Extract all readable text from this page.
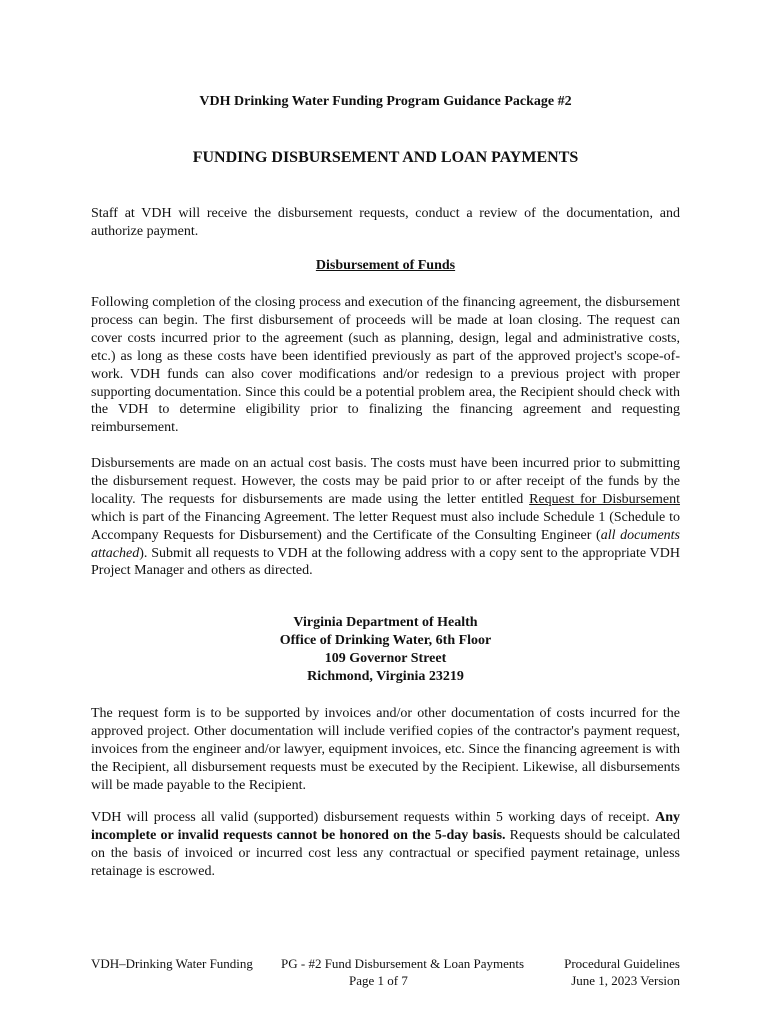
VDH Drinking Water Funding Program Guidance Package #2
FUNDING DISBURSEMENT AND LOAN PAYMENTS
Staff at VDH will receive the disbursement requests, conduct a review of the documentation, and authorize payment.
Disbursement of Funds
Following completion of the closing process and execution of the financing agreement, the disbursement process can begin. The first disbursement of proceeds will be made at loan closing. The request can cover costs incurred prior to the agreement (such as planning, design, legal and administrative costs, etc.) as long as these costs have been identified previously as part of the approved project's scope-of-work. VDH funds can also cover modifications and/or redesign to a previous project with proper supporting documentation. Since this could be a potential problem area, the Recipient should check with the VDH to determine eligibility prior to finalizing the financing agreement and requesting reimbursement.
Disbursements are made on an actual cost basis. The costs must have been incurred prior to submitting the disbursement request. However, the costs may be paid prior to or after receipt of the funds by the locality. The requests for disbursements are made using the letter entitled Request for Disbursement which is part of the Financing Agreement. The letter Request must also include Schedule 1 (Schedule to Accompany Requests for Disbursement) and the Certificate of the Consulting Engineer (all documents attached). Submit all requests to VDH at the following address with a copy sent to the appropriate VDH Project Manager and others as directed.
Virginia Department of Health
Office of Drinking Water, 6th Floor
109 Governor Street
Richmond, Virginia 23219
The request form is to be supported by invoices and/or other documentation of costs incurred for the approved project. Other documentation will include verified copies of the contractor's payment request, invoices from the engineer and/or lawyer, equipment invoices, etc. Since the financing agreement is with the Recipient, all disbursement requests must be executed by the Recipient. Likewise, all disbursements will be made payable to the Recipient.
VDH will process all valid (supported) disbursement requests within 5 working days of receipt. Any incomplete or invalid requests cannot be honored on the 5-day basis. Requests should be calculated on the basis of invoiced or incurred cost less any contractual or specified payment retainage, unless retainage is escrowed.
VDH–Drinking Water Funding PG - #2 Fund Disbursement & Loan Payments	Procedural Guidelines
Page 1 of 7	June 1, 2023 Version
